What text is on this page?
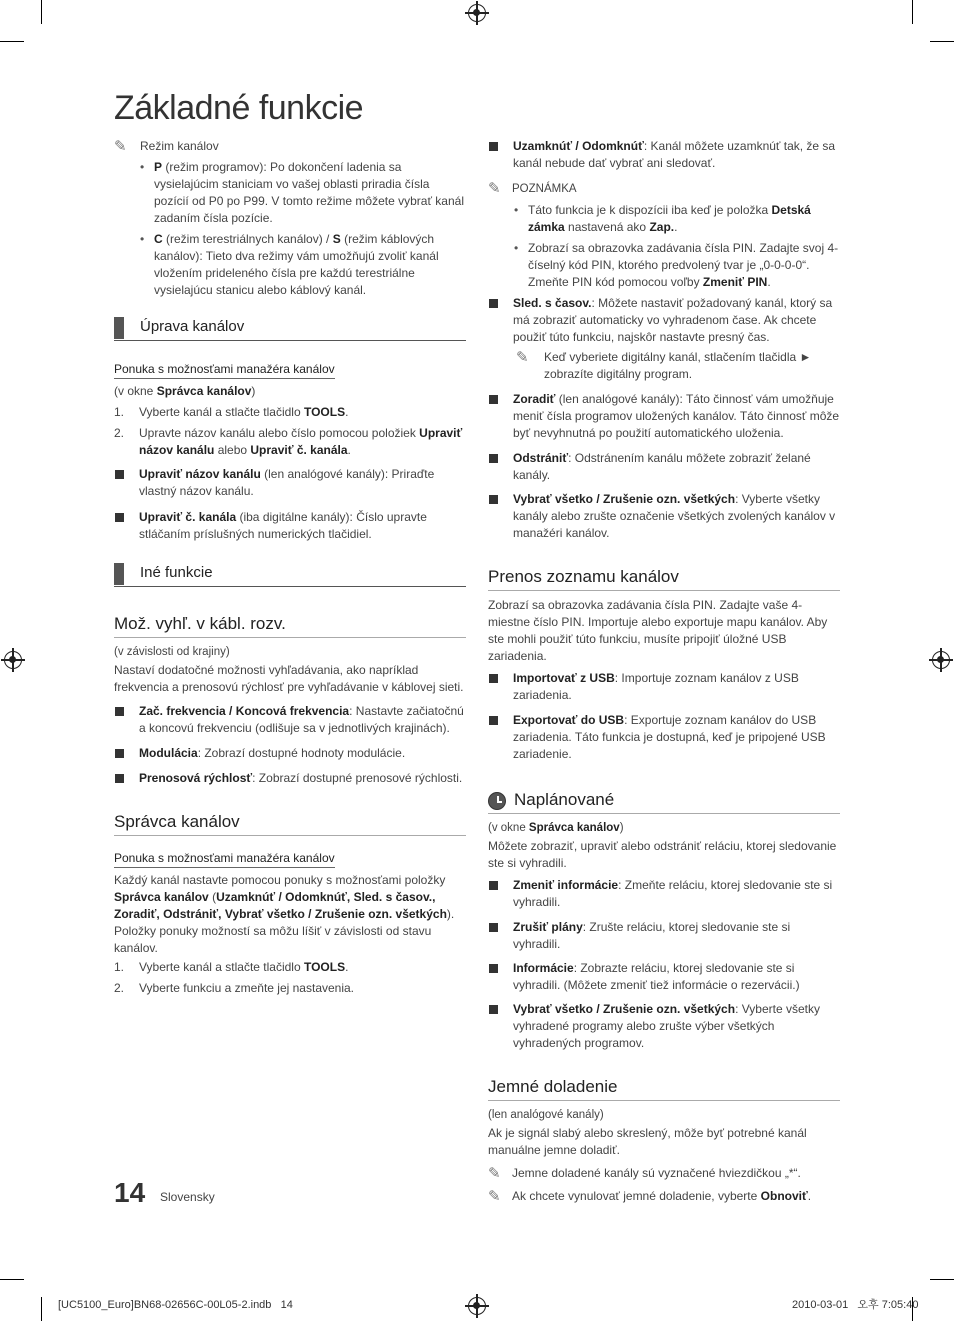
Základné funkcie
✎ Režim kanálov
• P (režim programov): Po dokončení ladenia sa vysielajúcim staniciam vo vašej oblasti priradia čísla pozícií od P0 po P99. V tomto režime môžete vybrať kanál zadaním čísla pozície.
• C (režim terestriálnych kanálov) / S (režim káblových kanálov): Tieto dva režimy vám umožňujú zvoliť kanál vložením prideleného čísla pre každú terestriálne vysielajúcu stanicu alebo káblový kanál.
Úprava kanálov
Ponuka s možnosťami manažéra kanálov
(v okne Správca kanálov)
1. Vyberte kanál a stlačte tlačidlo TOOLS.
2. Upravte názov kanálu alebo číslo pomocou položiek Upraviť názov kanálu alebo Upraviť č. kanála.
Upraviť názov kanálu (len analógové kanály): Priraďte vlastný názov kanálu.
Upraviť č. kanála (iba digitálne kanály): Číslo upravte stláčaním príslušných numerických tlačidiel.
Iné funkcie
Mož. vyhľ. v kábl. rozv.
(v závislosti od krajiny)
Nastaví dodatočné možnosti vyhľadávania, ako napríklad frekvencia a prenosovú rýchlosť pre vyhľadávanie v káblovej sieti.
Zač. frekvencia / Koncová frekvencia: Nastavte začiatočnú a koncovú frekvenciu (odlišuje sa v jednotlivých krajinách).
Modulácia: Zobrazí dostupné hodnoty modulácie.
Prenosová rýchlosť: Zobrazí dostupné prenosové rýchlosti.
Správca kanálov
Ponuka s možnosťami manažéra kanálov
Každý kanál nastavte pomocou ponuky s možnosťami položky Správca kanálov (Uzamknúť / Odomknúť, Sled. s časov., Zoradiť, Odstrániť, Vybrať všetko / Zrušenie ozn. všetkých). Položky ponuky možností sa môžu líšiť v závislosti od stavu kanálov.
1. Vyberte kanál a stlačte tlačidlo TOOLS.
2. Vyberte funkciu a zmeňte jej nastavenia.
Uzamknúť / Odomknúť: Kanál môžete uzamknúť tak, že sa kanál nebude dať vybrať ani sledovať.
✎ POZNÁMKA
• Táto funkcia je k dispozícii iba keď je položka Detská zámka nastavená ako Zap..
• Zobrazí sa obrazovka zadávania čísla PIN. Zadajte svoj 4-číselný kód PIN, ktorého predvolený tvar je „0-0-0-0“. Zmeňte PIN kód pomocou voľby Zmeniť PIN.
Sled. s časov.: Môžete nastaviť požadovaný kanál, ktorý sa má zobraziť automaticky vo vyhradenom čase. Ak chcete použiť túto funkciu, najskôr nastavte presný čas.
✎ Keď vyberiete digitálny kanál, stlačením tlačidla ► zobrazíte digitálny program.
Zoradiť (len analógové kanály): Táto činnosť vám umožňuje meniť čísla programov uložených kanálov. Táto činnosť môže byť nevyhnutná po použití automatického uloženia.
Odstrániť: Odstránením kanálu môžete zobraziť želané kanály.
Vybrať všetko / Zrušenie ozn. všetkých: Vyberte všetky kanály alebo zrušte označenie všetkých zvolených kanálov v manažéri kanálov.
Prenos zoznamu kanálov
Zobrazí sa obrazovka zadávania čísla PIN. Zadajte vaše 4-miestne číslo PIN. Importuje alebo exportuje mapu kanálov. Aby ste mohli použiť túto funkciu, musíte pripojiť úložné USB zariadenia.
Importovať z USB: Importuje zoznam kanálov z USB zariadenia.
Exportovať do USB: Exportuje zoznam kanálov do USB zariadenia. Táto funkcia je dostupná, keď je pripojené USB zariadenie.
Naplánované
(v okne Správca kanálov)
Môžete zobraziť, upraviť alebo odstrániť reláciu, ktorej sledovanie ste si vyhradili.
Zmeniť informácie: Zmeňte reláciu, ktorej sledovanie ste si vyhradili.
Zrušiť plány: Zrušte reláciu, ktorej sledovanie ste si vyhradili.
Informácie: Zobrazte reláciu, ktorej sledovanie ste si vyhradili. (Môžete zmeniť tiež informácie o rezervácii.)
Vybrať všetko / Zrušenie ozn. všetkých: Vyberte všetky vyhradené programy alebo zrušte výber všetkých vyhradených programov.
Jemné doladenie
(len analógové kanály)
Ak je signál slabý alebo skreslený, môže byť potrebné kanál manuálne jemne doladiť.
✎ Jemne doladené kanály sú vyznačené hviezdičkou „*“.
✎ Ak chcete vynulovať jemné doladenie, vyberte Obnoviť.
14 Slovensky
[UC5100_Euro]BN68-02656C-00L05-2.indb   14	2010-03-01   오후 7:05:40
